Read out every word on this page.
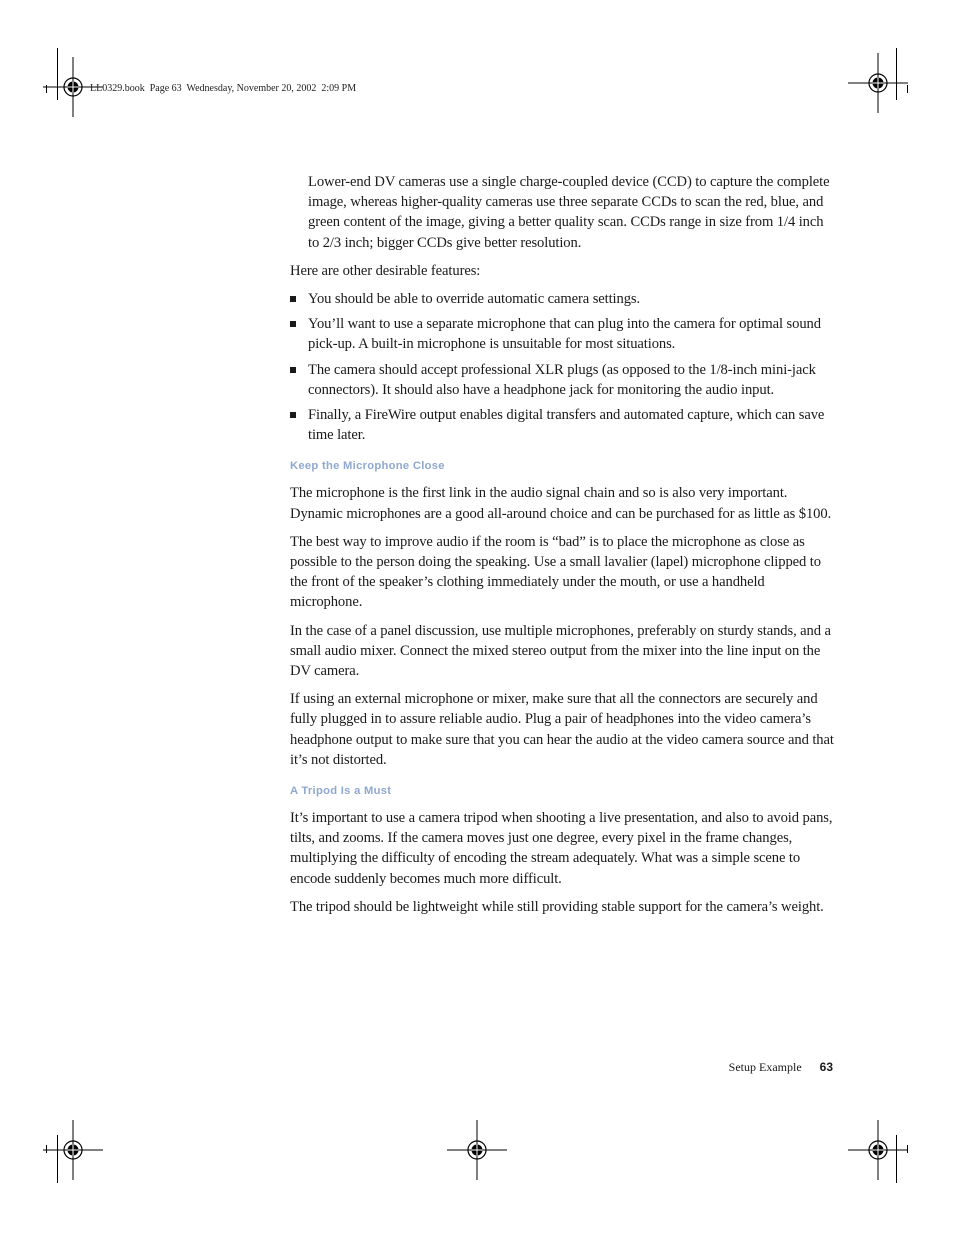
LL0329.book  Page 63  Wednesday, November 20, 2002  2:09 PM

Lower-end DV cameras use a single charge-coupled device (CCD) to capture the complete image, whereas higher-quality cameras use three separate CCDs to scan the red, blue, and green content of the image, giving a better quality scan. CCDs range in size from 1/4 inch to 2/3 inch; bigger CCDs give better resolution.

Here are other desirable features:

You should be able to override automatic camera settings.
You’ll want to use a separate microphone that can plug into the camera for optimal sound pick-up. A built-in microphone is unsuitable for most situations.
The camera should accept professional XLR plugs (as opposed to the 1/8-inch mini-jack connectors). It should also have a headphone jack for monitoring the audio input.
Finally, a FireWire output enables digital transfers and automated capture, which can save time later.
Keep the Microphone Close

The microphone is the first link in the audio signal chain and so is also very important. Dynamic microphones are a good all-around choice and can be purchased for as little as $100.

The best way to improve audio if the room is “bad” is to place the microphone as close as possible to the person doing the speaking. Use a small lavalier (lapel) microphone clipped to the front of the speaker’s clothing immediately under the mouth, or use a handheld microphone.

In the case of a panel discussion, use multiple microphones, preferably on sturdy stands, and a small audio mixer. Connect the mixed stereo output from the mixer into the line input on the DV camera.

If using an external microphone or mixer, make sure that all the connectors are securely and fully plugged in to assure reliable audio. Plug a pair of headphones into the video camera’s headphone output to make sure that you can hear the audio at the video camera source and that it’s not distorted.

A Tripod Is a Must

It’s important to use a camera tripod when shooting a live presentation, and also to avoid pans, tilts, and zooms. If the camera moves just one degree, every pixel in the frame changes, multiplying the difficulty of encoding the stream adequately. What was a simple scene to encode suddenly becomes much more difficult.

The tripod should be lightweight while still providing stable support for the camera’s weight.

Setup Example 63
